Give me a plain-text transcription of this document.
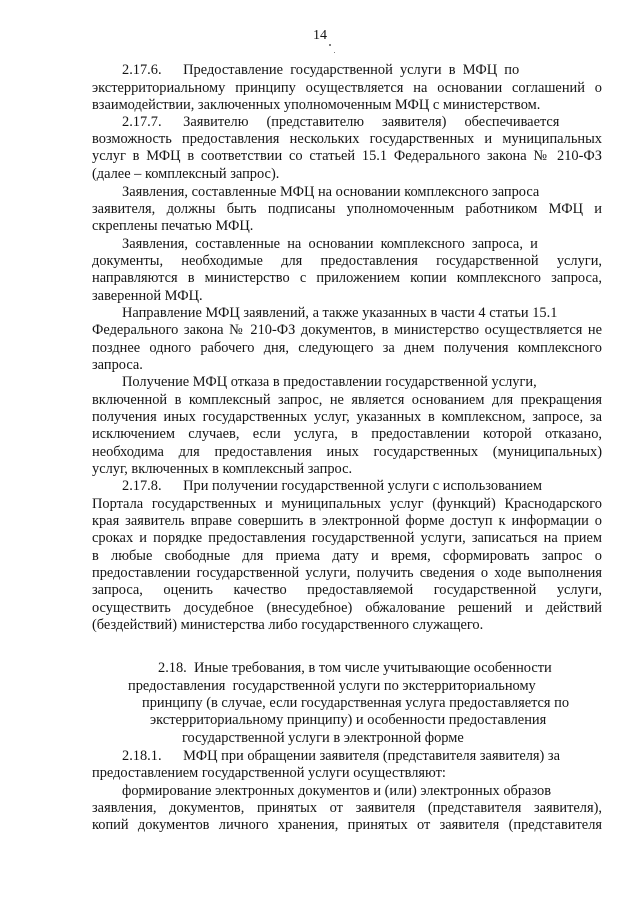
14
2.17.6.      Предоставление  государственной  услуги  в  МФЦ  по
экстерриториальному принципу осуществляется на основании соглашений о
взаимодействии, заключенных уполномоченным МФЦ с министерством.
2.17.7.      Заявителю     (представителю     заявителя)     обеспечивается
возможность предоставления нескольких государственных и муниципальных
услуг в МФЦ в соответствии со статьей 15.1 Федерального закона № 210-ФЗ
(далее – комплексный запрос).
Заявления, составленные МФЦ на основании комплексного запроса
заявителя, должны быть подписаны уполномоченным работником МФЦ и
скреплены печатью МФЦ.
Заявления,  составленные  на  основании  комплексного  запроса,  и
документы,   необходимые   для   предоставления   государственной   услуги,
направляются в министерство с приложением копии комплексного запроса,
заверенной МФЦ.
Направление МФЦ заявлений, а также указанных в части 4 статьи 15.1
Федерального закона № 210-ФЗ документов, в министерство осуществляется не
позднее одного рабочего дня, следующего за днем получения комплексного
запроса.
Получение МФЦ отказа в предоставлении государственной услуги,
включенной в комплексный запрос, не является основанием для прекращения
получения иных государственных услуг, указанных в комплексном, запросе, за
исключением  случаев,  если  услуга,  в  предоставлении  которой  отказано,
необходима  для  предоставления  иных  государственных  (муниципальных)
услуг, включенных в комплексный запрос.
2.17.8.      При получении государственной услуги с использованием
Портала государственных и муниципальных услуг (функций) Краснодарского
края заявитель вправе совершить в электронной форме доступ к информации о
сроках и порядке предоставления государственной услуги, записаться на прием
в любые свободные для приема дату и время, сформировать запрос о
предоставлении государственной услуги, получить сведения о ходе выполнения
запроса,   оценить   качество   предоставляемой   государственной   услуги,
осуществить досудебное (внесудебное) обжалование решений и действий
(бездействий) министерства либо государственного служащего.
2.18.  Иные требования, в том числе учитывающие особенности
предоставления  государственной услуги по экстерриториальному
принципу (в случае, если государственная услуга предоставляется по
экстерриториальному принципу) и особенности предоставления
государственной услуги в электронной форме
2.18.1.      МФЦ при обращении заявителя (представителя заявителя) за
предоставлением государственной услуги осуществляют:
формирование электронных документов и (или) электронных образов
заявления, документов, принятых от заявителя (представителя заявителя),
копий документов личного хранения, принятых от заявителя (представителя
